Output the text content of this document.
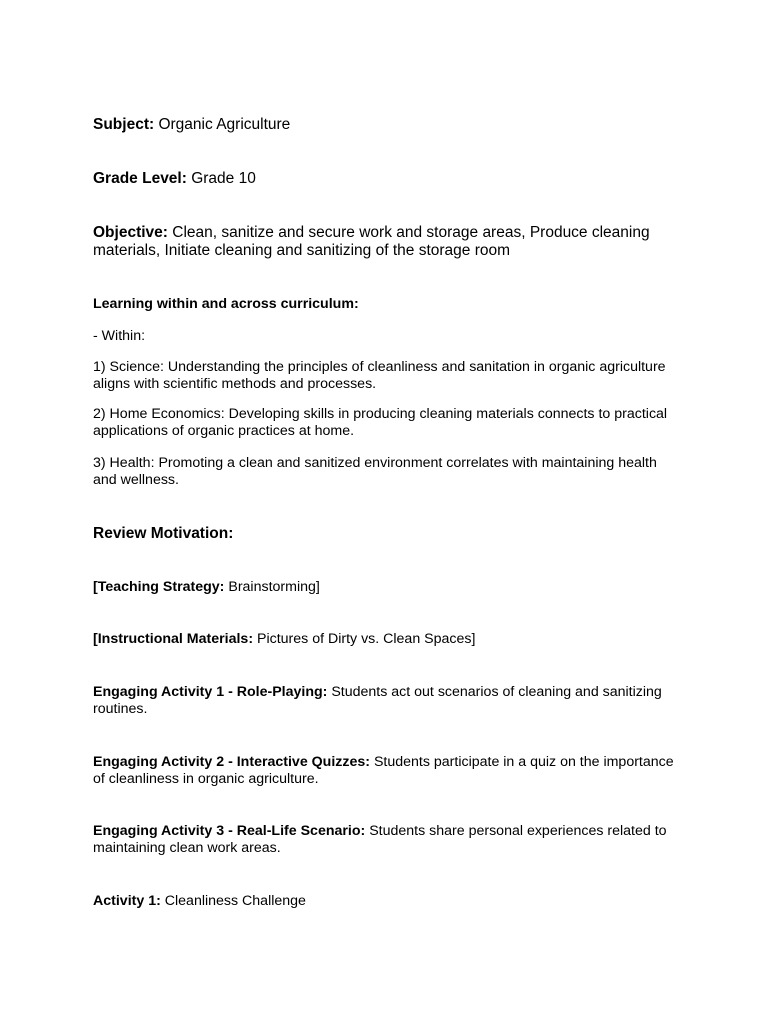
Subject: Organic Agriculture

Grade Level: Grade 10

Objective: Clean, sanitize and secure work and storage areas, Produce cleaning materials, Initiate cleaning and sanitizing of the storage room

Learning within and across curriculum:

- Within:

1) Science: Understanding the principles of cleanliness and sanitation in organic agriculture aligns with scientific methods and processes.

2) Home Economics: Developing skills in producing cleaning materials connects to practical applications of organic practices at home.

3) Health: Promoting a clean and sanitized environment correlates with maintaining health and wellness.

Review Motivation:

[Teaching Strategy: Brainstorming]

[Instructional Materials: Pictures of Dirty vs. Clean Spaces]

Engaging Activity 1 - Role-Playing: Students act out scenarios of cleaning and sanitizing routines.

Engaging Activity 2 - Interactive Quizzes: Students participate in a quiz on the importance of cleanliness in organic agriculture.

Engaging Activity 3 - Real-Life Scenario: Students share personal experiences related to maintaining clean work areas.

Activity 1: Cleanliness Challenge
